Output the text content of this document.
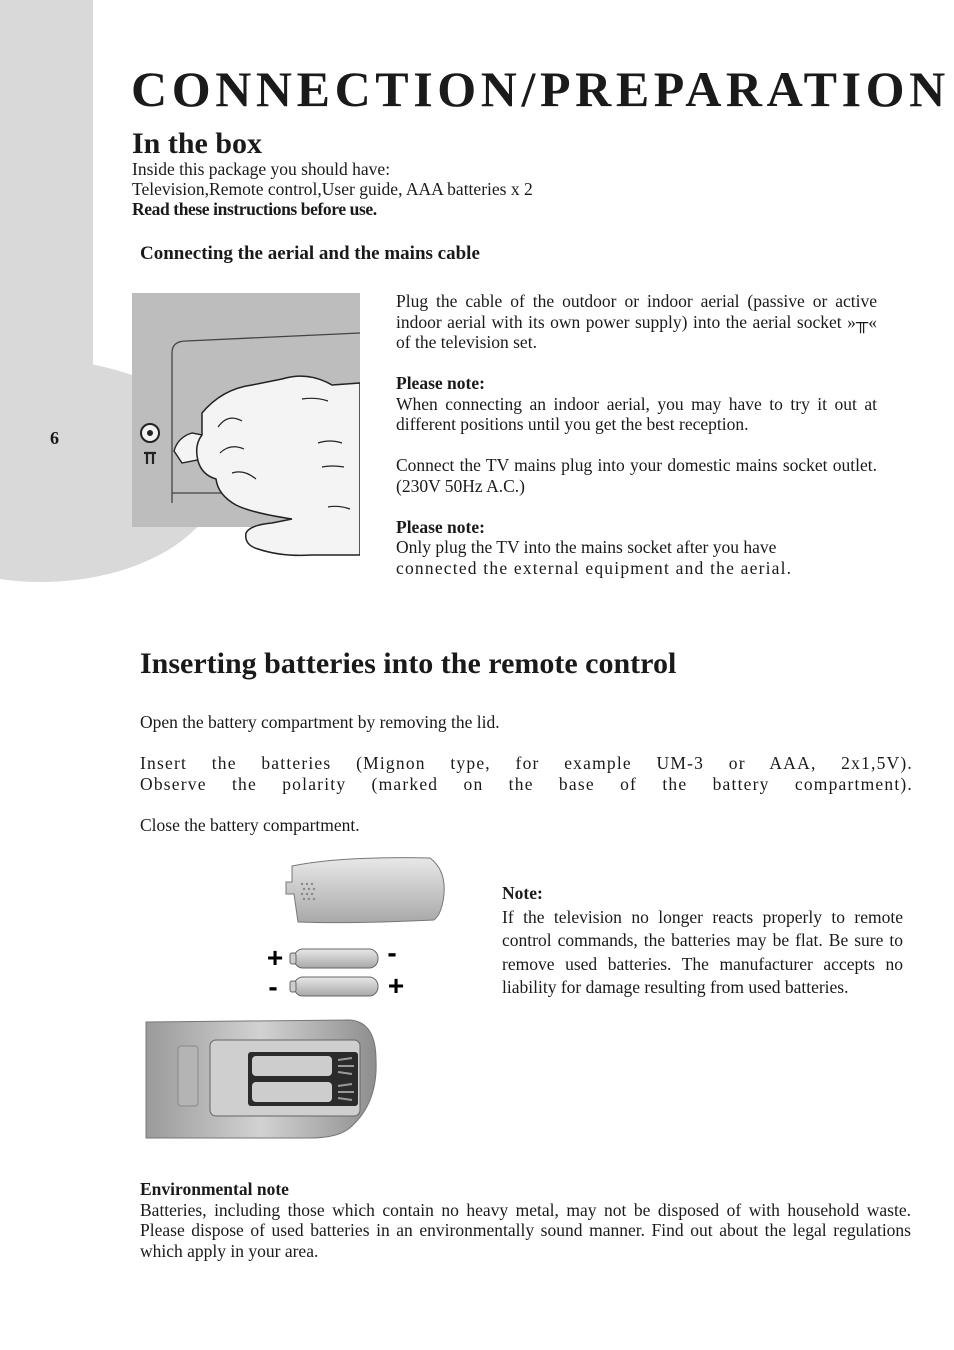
6
CONNECTION/PREPARATION
In the box
Inside this package you should have:
Television,Remote control,User guide, AAA batteries x 2
Read these instructions before use.
Connecting the aerial and the mains cable

Plug the cable of the outdoor or indoor aerial (passive or active indoor aerial with its own power supply) into the aerial socket »╥« of the television set.

Please note:

When connecting an indoor aerial, you may have to try it out at different positions until you get the best reception.

Connect the TV mains plug into your domestic mains socket outlet. (230V 50Hz A.C.)

Please note:
Only plug the TV into the mains socket after you have
connected the external equipment and the aerial.
Inserting batteries into the remote control

Open the battery compartment by removing the lid.

Insert the batteries (Mignon type, for example UM-3 or AAA, 2x1,5V).

Observe the polarity (marked on the base of the battery compartment).

Close the battery compartment.

+	-
-	+
Note:
If the television no longer reacts properly to remote control commands, the batteries may be flat. Be sure to remove used batteries. The manufacturer accepts no liability for damage resulting from used batteries.
Environmental note
Batteries, including those which contain no heavy metal, may not be disposed of with household waste. Please dispose of used batteries in an environmentally sound manner. Find out about the legal regulations which apply in your area.
